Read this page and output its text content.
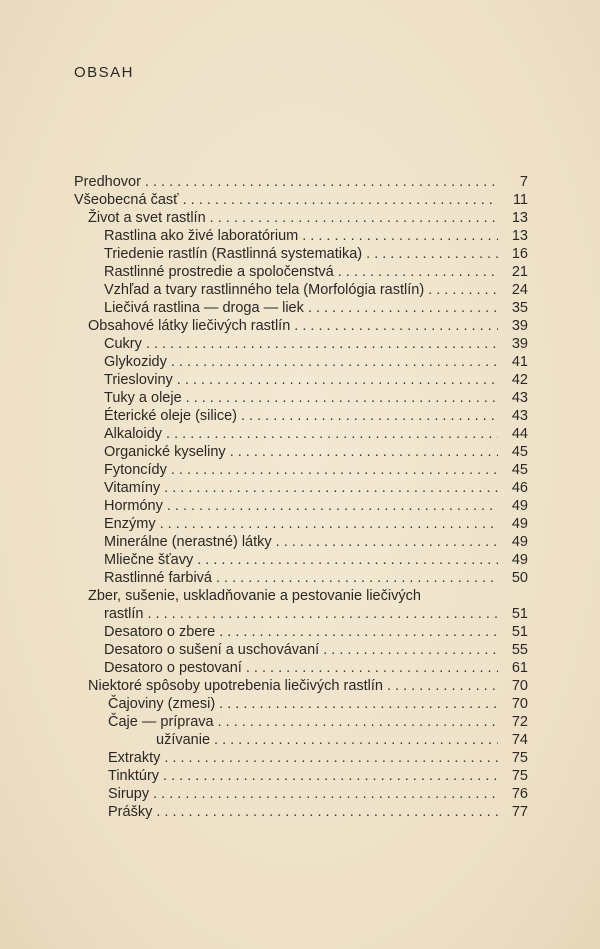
OBSAH
Predhovor . . .	7
Všeobecná časť . . .	11
Život a svet rastlín . . .	13
Rastlina ako živé laboratórium . . .	13
Triedenie rastlín (Rastlinná systematika) . . .	16
Rastlinné prostredie a spoločenstvá . . .	21
Vzhľad a tvary rastlinného tela (Morfológia rastlín) . . .	24
Liečivá rastlina — droga — liek . . .	35
Obsahové látky liečivých rastlín . . .	39
Cukry . . .	39
Glykozidy . . .	41
Triesloviny . . .	42
Tuky a oleje . . .	43
Éterické oleje (silice) . . .	43
Alkaloidy . . .	44
Organické kyseliny . . .	45
Fytoncídy . . .	45
Vitamíny . . .	46
Hormóny . . .	49
Enzýmy . . .	49
Minerálne (nerastné) látky . . .	49
Mliečne šťavy . . .	49
Rastlinné farbivá . . .	50
Zber, sušenie, uskladňovanie a pestovanie liečivých
rastlín . . .	51
Desatoro o zbere . . .	51
Desatoro o sušení a uschovávaní . . .	55
Desatoro o pestovaní . . .	61
Niektoré spôsoby upotrebenia liečivých rastlín . . .	70
Čajoviny (zmesi) . . .	70
Čaje — príprava . . .	72
užívanie . . .	74
Extrakty . . .	75
Tinktúry . . .	75
Sirupy . . .	76
Prášky . . .	77
